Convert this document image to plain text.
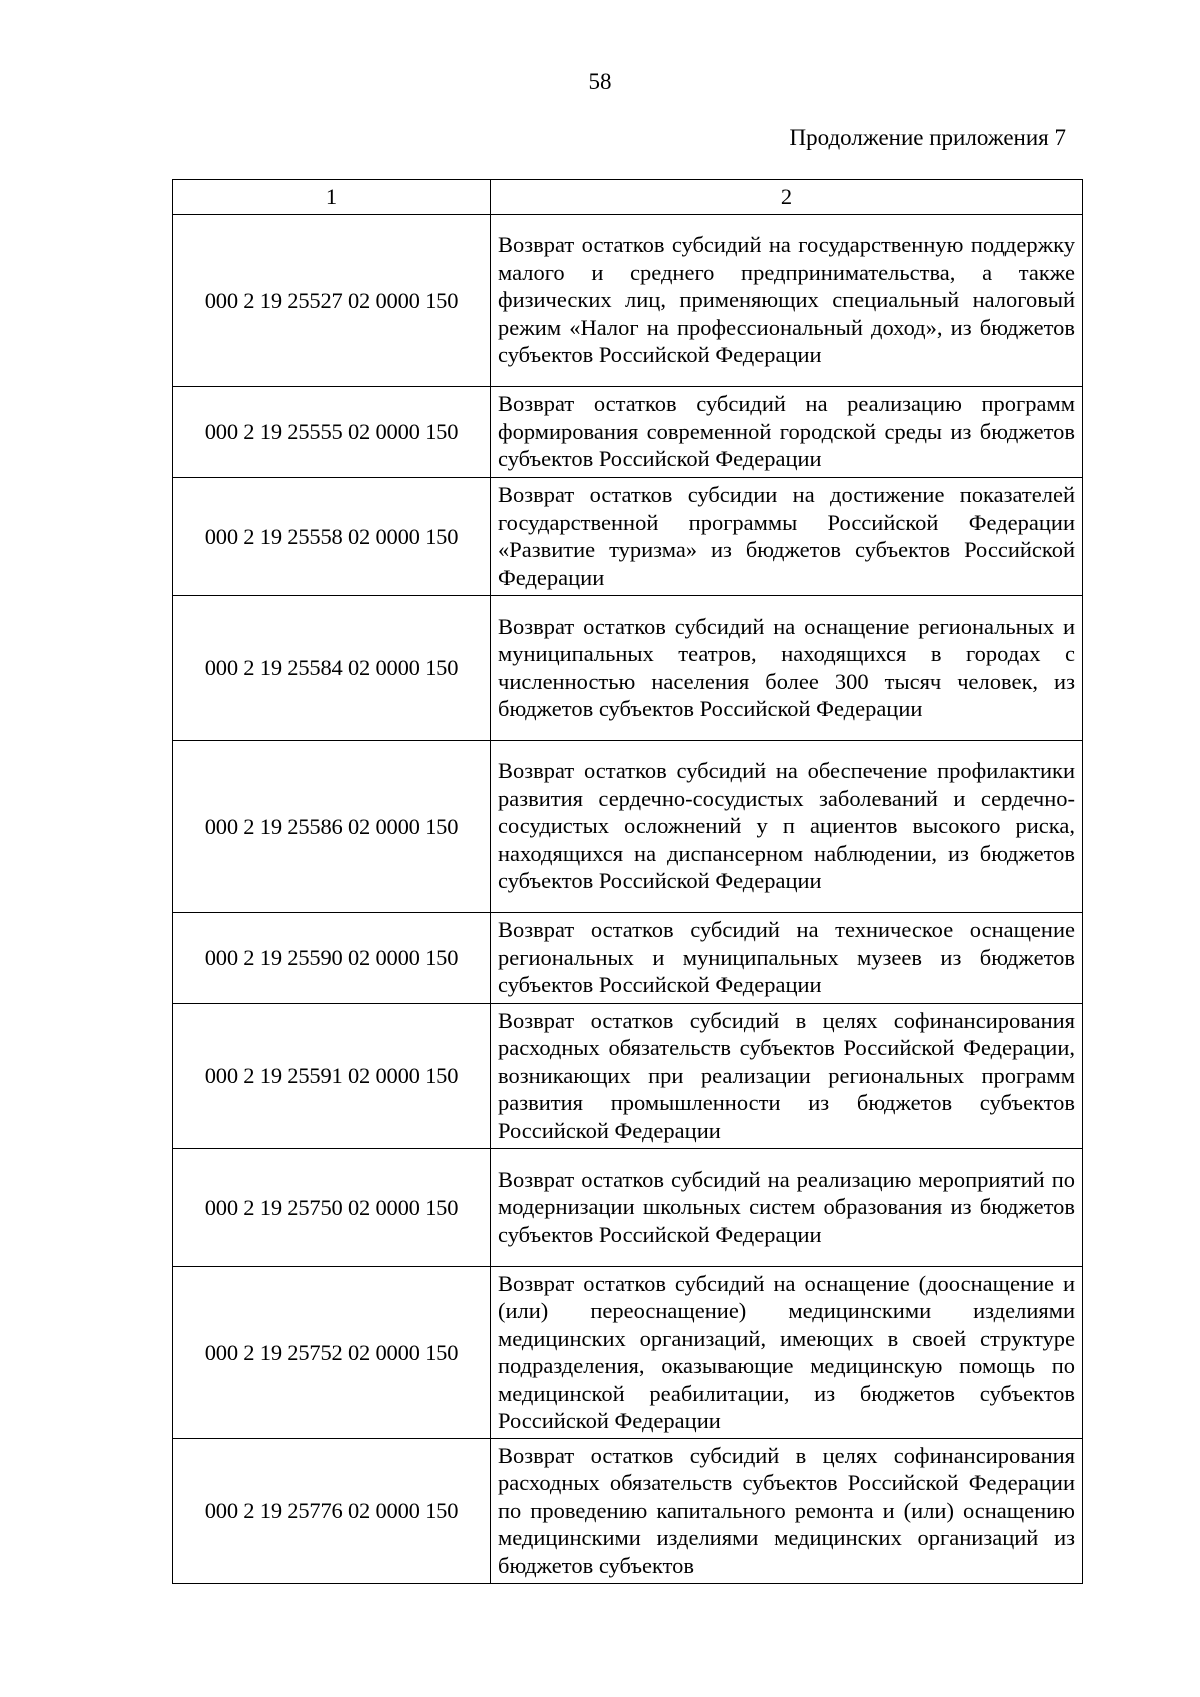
58
Продолжение приложения 7
1	2
000 2 19 25527 02 0000 150	Возврат остатков субсидий на государственную поддержку малого и среднего предпринимательства, а также физических лиц, применяющих специальный налоговый режим «Налог на профессиональный доход», из бюджетов субъектов Российской Федерации
000 2 19 25555 02 0000 150	Возврат остатков субсидий на реализацию программ формирования современной городской среды из бюджетов субъектов Российской Федерации
000 2 19 25558 02 0000 150	Возврат остатков субсидии на достижение показателей государственной программы Российской Федерации «Развитие туризма» из бюджетов субъектов Российской Федерации
000 2 19 25584 02 0000 150	Возврат остатков субсидий на оснащение региональных и муниципальных театров, находящихся в городах с численностью населения более 300 тысяч человек, из бюджетов субъектов Российской Федерации
000 2 19 25586 02 0000 150	Возврат остатков субсидий на обеспечение профилактики развития сердечно-сосудистых заболеваний и сердечно-сосудистых осложнений у п ациентов высокого риска, находящихся на диспансерном наблюдении, из бюджетов субъектов Российской Федерации
000 2 19 25590 02 0000 150	Возврат остатков субсидий на техническое оснащение региональных и муниципальных музеев из бюджетов субъектов Российской Федерации
000 2 19 25591 02 0000 150	Возврат остатков субсидий в целях софинансирования расходных обязательств субъектов Российской Федерации, возникающих при реализации региональных программ развития промышленности из бюджетов субъектов Российской Федерации
000 2 19 25750 02 0000 150	Возврат остатков субсидий на реализацию мероприятий по модернизации школьных систем образования из бюджетов субъектов Российской Федерации
000 2 19 25752 02 0000 150	Возврат остатков субсидий на оснащение (дооснащение и (или) переоснащение) медицинскими изделиями медицинских организаций, имеющих в своей структуре подразделения, оказывающие медицинскую помощь по медицинской реабилитации, из бюджетов субъектов Российской Федерации
000 2 19 25776 02 0000 150	Возврат остатков субсидий в целях софинансирования расходных обязательств субъектов Российской Федерации по проведению капитального ремонта и (или) оснащению медицинскими изделиями медицинских организаций из бюджетов субъектов
